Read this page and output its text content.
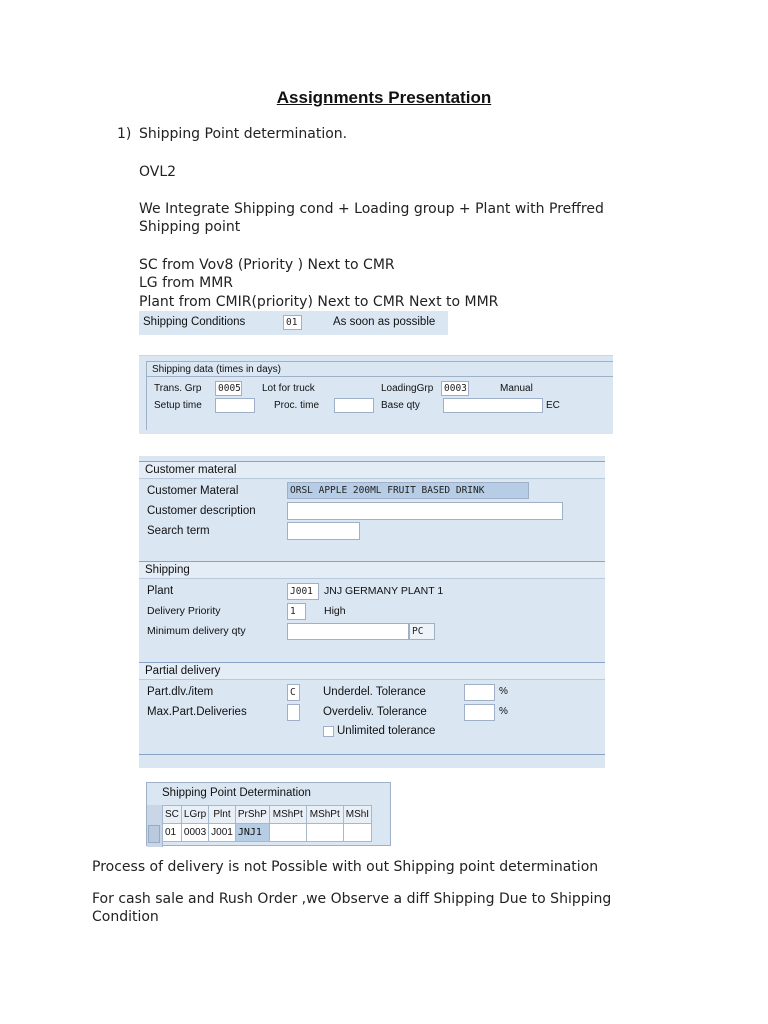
Assignments Presentation
1) Shipping Point determination.
OVL2
We Integrate Shipping cond + Loading group + Plant with Preffred
Shipping point
SC from Vov8 (Priority ) Next to CMR
LG from MMR
Plant from CMIR(priority) Next to CMR Next to MMR
Shipping Conditions	01	As soon as possible
Shipping data (times in days)
Trans. Grp	0005 Lot for truck	LoadingGrp	0003	Manual
Setup time	Proc. time	Base qty	EC
Customer materal
Customer Materal	ORSL APPLE 200ML FRUIT BASED DRINK
Customer description
Search term
Shipping
Plant	J001	JNJ GERMANY PLANT 1
Delivery Priority	1	High
Minimum delivery qty	PC
Partial delivery
Part.dlv./item	C
Max.Part.Deliveries
Underdel. Tolerance	%
Overdeliv. Tolerance	%
Unlimited tolerance
Shipping Point Determination
SC	LGrp	Plnt	PrShP	MShPt	MShPt	MShI
01	0003	J001	JNJ1			
Process of delivery is not Possible with out Shipping point determination
For cash sale and Rush Order ,we Observe a diff Shipping Due to Shipping
Condition
